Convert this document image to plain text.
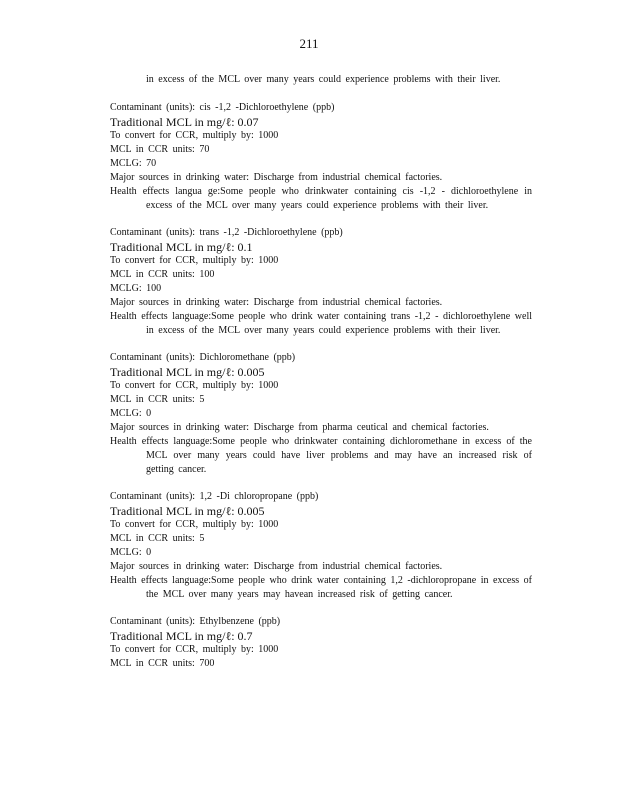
211
in excess of the MCL over many years could experience problems with their liver.
Contaminant (units): cis -1,2 -Dichloroethylene (ppb)
Traditional MCL in mg/ℓ: 0.07
To convert for CCR, multiply by: 1000
MCL in CCR units: 70
MCLG: 70
Major sources in drinking water: Discharge from industrial chemical factories.
Health effects langua ge:Some people who drinkwater containing cis -1,2 - dichloroethylene in excess of the MCL over many years could experience problems with their liver.
Contaminant (units): trans -1,2 -Dichloroethylene (ppb)
Traditional MCL in mg/ℓ: 0.1
To convert for CCR, multiply by: 1000
MCL in CCR units: 100
MCLG: 100
Major sources in drinking water: Discharge from industrial chemical factories.
Health effects language:Some people who drink water containing trans -1,2 - dichloroethylene well in excess of the MCL over many years could experience problems with their liver.
Contaminant (units): Dichloromethane (ppb)
Traditional MCL in mg/ℓ: 0.005
To convert for CCR, multiply by: 1000
MCL in CCR units: 5
MCLG: 0
Major sources in drinking water: Discharge from pharma ceutical and chemical factories.
Health effects language:Some people who drinkwater containing dichloromethane in excess of the MCL over many years could have liver problems and may have an increased risk of getting cancer.
Contaminant (units): 1,2 -Di chloropropane (ppb)
Traditional MCL in mg/ℓ: 0.005
To convert for CCR, multiply by: 1000
MCL in CCR units: 5
MCLG: 0
Major sources in drinking water: Discharge from industrial chemical factories.
Health effects language:Some people who drink water containing 1,2 -dichloropropane in excess of the MCL over many years may havean increased risk of getting cancer.
Contaminant (units): Ethylbenzene (ppb)
Traditional MCL in mg/ℓ: 0.7
To convert for CCR, multiply by: 1000
MCL in CCR units: 700
